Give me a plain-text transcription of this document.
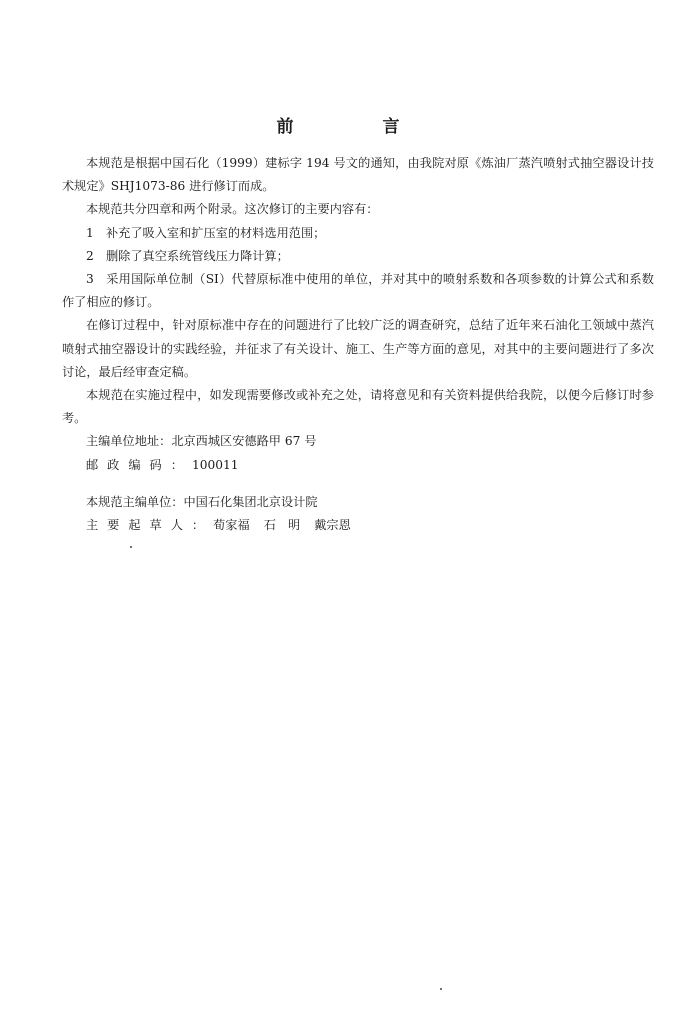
前　言

本规范是根据中国石化（1999）建标字 194 号文的通知，由我院对原《炼油厂蒸汽喷射式抽空器设计技术规定》SHJ1073-86 进行修订而成。

本规范共分四章和两个附录。这次修订的主要内容有：

1 补充了吸入室和扩压室的材料选用范围；

2 删除了真空系统管线压力降计算；

3 采用国际单位制（SI）代替原标准中使用的单位，并对其中的喷射系数和各项参数的计算公式和系数作了相应的修订。

在修订过程中，针对原标准中存在的问题进行了比较广泛的调查研究，总结了近年来石油化工领域中蒸汽喷射式抽空器设计的实践经验，并征求了有关设计、施工、生产等方面的意见，对其中的主要问题进行了多次讨论，最后经审查定稿。

本规范在实施过程中，如发现需要修改或补充之处，请将意见和有关资料提供给我院，以便今后修订时参考。

主编单位地址：北京西城区安德路甲 67 号

邮政编码：100011

本规范主编单位：中国石化集团北京设计院

主要起草人：荀家福 石　明 戴宗恩
